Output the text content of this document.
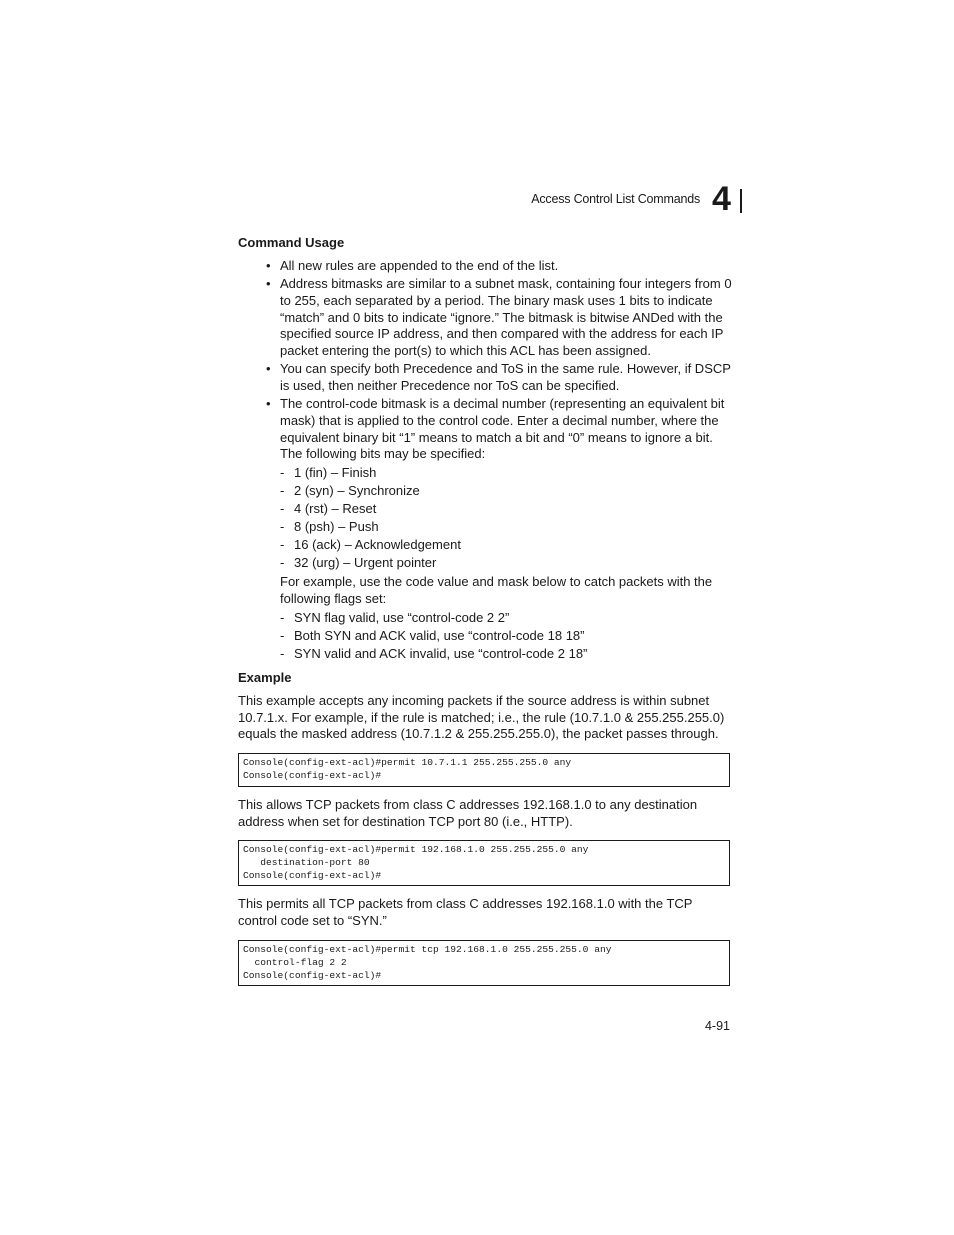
Access Control List Commands 4
Command Usage
• All new rules are appended to the end of the list.
• Address bitmasks are similar to a subnet mask, containing four integers from 0 to 255, each separated by a period. The binary mask uses 1 bits to indicate “match” and 0 bits to indicate “ignore.” The bitmask is bitwise ANDed with the specified source IP address, and then compared with the address for each IP packet entering the port(s) to which this ACL has been assigned.
• You can specify both Precedence and ToS in the same rule. However, if DSCP is used, then neither Precedence nor ToS can be specified.
• The control-code bitmask is a decimal number (representing an equivalent bit mask) that is applied to the control code. Enter a decimal number, where the equivalent binary bit “1” means to match a bit and “0” means to ignore a bit. The following bits may be specified:
- 1 (fin) – Finish
- 2 (syn) – Synchronize
- 4 (rst) – Reset
- 8 (psh) – Push
- 16 (ack) – Acknowledgement
- 32 (urg) – Urgent pointer

For example, use the code value and mask below to catch packets with the following flags set:

- SYN flag valid, use “control-code 2 2”
- Both SYN and ACK valid, use “control-code 18 18”
- SYN valid and ACK invalid, use “control-code 2 18”
Example

This example accepts any incoming packets if the source address is within subnet 10.7.1.x. For example, if the rule is matched; i.e., the rule (10.7.1.0 & 255.255.255.0) equals the masked address (10.7.1.2 & 255.255.255.0), the packet passes through.

Console(config-ext-acl)#permit 10.7.1.1 255.255.255.0 any
Console(config-ext-acl)#

This allows TCP packets from class C addresses 192.168.1.0 to any destination address when set for destination TCP port 80 (i.e., HTTP).

Console(config-ext-acl)#permit 192.168.1.0 255.255.255.0 any
destination-port 80
Console(config-ext-acl)#

This permits all TCP packets from class C addresses 192.168.1.0 with the TCP control code set to “SYN.”

Console(config-ext-acl)#permit tcp 192.168.1.0 255.255.255.0 any
control-flag 2 2
Console(config-ext-acl)#
4-91
